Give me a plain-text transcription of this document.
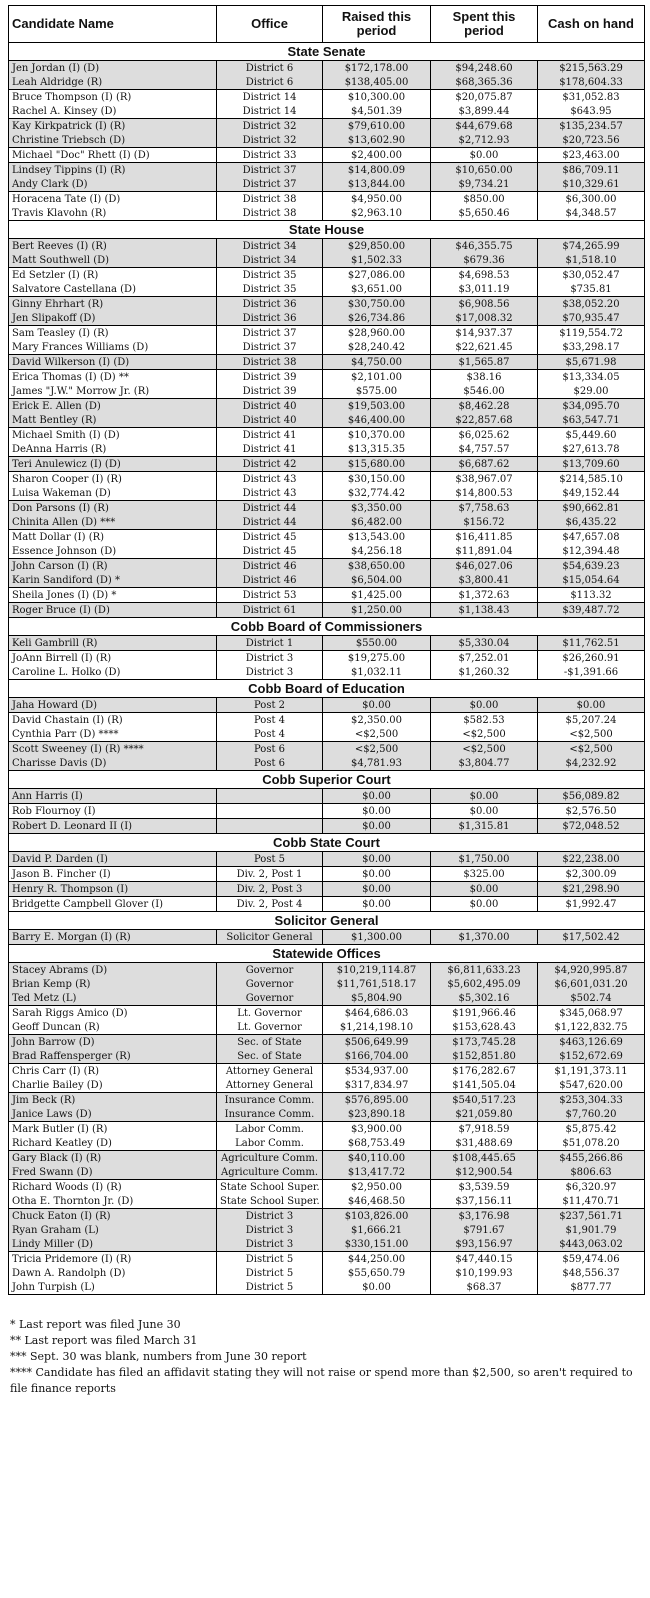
Candidate Name	Office	Raised this period	Spent this period	Cash on hand
State Senate				
Jen Jordan (I) (D)	District 6	$172,178.00	$94,248.60	$215,563.29
Leah Aldridge (R)	District 6	$138,405.00	$68,365.36	$178,604.33
Bruce Thompson (I) (R)	District 14	$10,300.00	$20,075.87	$31,052.83
Rachel A. Kinsey (D)	District 14	$4,501.39	$3,899.44	$643.95
Kay Kirkpatrick (I) (R)	District 32	$79,610.00	$44,679.68	$135,234.57
Christine Triebsch (D)	District 32	$13,602.90	$2,712.93	$20,723.56
Michael "Doc" Rhett (I) (D)	District 33	$2,400.00	$0.00	$23,463.00
Lindsey Tippins (I) (R)	District 37	$14,800.09	$10,650.00	$86,709.11
Andy Clark (D)	District 37	$13,844.00	$9,734.21	$10,329.61
Horacena Tate (I) (D)	District 38	$4,950.00	$850.00	$6,300.00
Travis Klavohn (R)	District 38	$2,963.10	$5,650.46	$4,348.57
State House				
Bert Reeves (I) (R)	District 34	$29,850.00	$46,355.75	$74,265.99
Matt Southwell (D)	District 34	$1,502.33	$679.36	$1,518.10
Ed Setzler (I) (R)	District 35	$27,086.00	$4,698.53	$30,052.47
Salvatore Castellana (D)	District 35	$3,651.00	$3,011.19	$735.81
Ginny Ehrhart (R)	District 36	$30,750.00	$6,908.56	$38,052.20
Jen Slipakoff (D)	District 36	$26,734.86	$17,008.32	$70,935.47
Sam Teasley (I) (R)	District 37	$28,960.00	$14,937.37	$119,554.72
Mary Frances Williams (D)	District 37	$28,240.42	$22,621.45	$33,298.17
David Wilkerson (I) (D)	District 38	$4,750.00	$1,565.87	$5,671.98
Erica Thomas (I) (D) **	District 39	$2,101.00	$38.16	$13,334.05
James "J.W." Morrow Jr. (R)	District 39	$575.00	$546.00	$29.00
Erick E. Allen (D)	District 40	$19,503.00	$8,462.28	$34,095.70
Matt Bentley (R)	District 40	$46,400.00	$22,857.68	$63,547.71
Michael Smith (I) (D)	District 41	$10,370.00	$6,025.62	$5,449.60
DeAnna Harris (R)	District 41	$13,315.35	$4,757.57	$27,613.78
Teri Anulewicz (I) (D)	District 42	$15,680.00	$6,687.62	$13,709.60
Sharon Cooper (I) (R)	District 43	$30,150.00	$38,967.07	$214,585.10
Luisa Wakeman (D)	District 43	$32,774.42	$14,800.53	$49,152.44
Don Parsons (I) (R)	District 44	$3,350.00	$7,758.63	$90,662.81
Chinita Allen (D) ***	District 44	$6,482.00	$156.72	$6,435.22
Matt Dollar (I) (R)	District 45	$13,543.00	$16,411.85	$47,657.08
Essence Johnson (D)	District 45	$4,256.18	$11,891.04	$12,394.48
John Carson (I) (R)	District 46	$38,650.00	$46,027.06	$54,639.23
Karin Sandiford (D) *	District 46	$6,504.00	$3,800.41	$15,054.64
Sheila Jones (I) (D) *	District 53	$1,425.00	$1,372.63	$113.32
Roger Bruce (I) (D)	District 61	$1,250.00	$1,138.43	$39,487.72
Cobb Board of Commissioners				
Keli Gambrill (R)	District 1	$550.00	$5,330.04	$11,762.51
JoAnn Birrell (I) (R)	District 3	$19,275.00	$7,252.01	$26,260.91
Caroline L. Holko (D)	District 3	$1,032.11	$1,260.32	-$1,391.66
Cobb Board of Education				
Jaha Howard (D)	Post 2	$0.00	$0.00	$0.00
David Chastain (I) (R)	Post 4	$2,350.00	$582.53	$5,207.24
Cynthia Parr (D) ****	Post 4	<$2,500	<$2,500	<$2,500
Scott Sweeney (I) (R) ****	Post 6	<$2,500	<$2,500	<$2,500
Charisse Davis (D)	Post 6	$4,781.93	$3,804.77	$4,232.92
Cobb Superior Court				
Ann Harris (I)		$0.00	$0.00	$56,089.82
Rob Flournoy (I)		$0.00	$0.00	$2,576.50
Robert D. Leonard II (I)		$0.00	$1,315.81	$72,048.52
Cobb State Court				
David P. Darden (I)	Post 5	$0.00	$1,750.00	$22,238.00
Jason B. Fincher (I)	Div. 2, Post 1	$0.00	$325.00	$2,300.09
Henry R. Thompson (I)	Div. 2, Post 3	$0.00	$0.00	$21,298.90
Bridgette Campbell Glover (I)	Div. 2, Post 4	$0.00	$0.00	$1,992.47
Solicitor General				
Barry E. Morgan (I) (R)	Solicitor General	$1,300.00	$1,370.00	$17,502.42
Statewide Offices				
Stacey Abrams (D)	Governor	$10,219,114.87	$6,811,633.23	$4,920,995.87
Brian Kemp (R)	Governor	$11,761,518.17	$5,602,495.09	$6,601,031.20
Ted Metz (L)	Governor	$5,804.90	$5,302.16	$502.74
Sarah Riggs Amico (D)	Lt. Governor	$464,686.03	$191,966.46	$345,068.97
Geoff Duncan (R)	Lt. Governor	$1,214,198.10	$153,628.43	$1,122,832.75
John Barrow (D)	Sec. of State	$506,649.99	$173,745.28	$463,126.69
Brad Raffensperger (R)	Sec. of State	$166,704.00	$152,851.80	$152,672.69
Chris Carr (I) (R)	Attorney General	$534,937.00	$176,282.67	$1,191,373.11
Charlie Bailey (D)	Attorney General	$317,834.97	$141,505.04	$547,620.00
Jim Beck (R)	Insurance Comm.	$576,895.00	$540,517.23	$253,304.33
Janice Laws (D)	Insurance Comm.	$23,890.18	$21,059.80	$7,760.20
Mark Butler (I) (R)	Labor Comm.	$3,900.00	$7,918.59	$5,875.42
Richard Keatley (D)	Labor Comm.	$68,753.49	$31,488.69	$51,078.20
Gary Black (I) (R)	Agriculture Comm.	$40,110.00	$108,445.65	$455,266.86
Fred Swann (D)	Agriculture Comm.	$13,417.72	$12,900.54	$806.63
Richard Woods (I) (R)	State School Super.	$2,950.00	$3,539.59	$6,320.97
Otha E. Thornton Jr. (D)	State School Super.	$46,468.50	$37,156.11	$11,470.71
Chuck Eaton (I) (R)	District 3	$103,826.00	$3,176.98	$237,561.71
Ryan Graham (L)	District 3	$1,666.21	$791.67	$1,901.79
Lindy Miller (D)	District 3	$330,151.00	$93,156.97	$443,063.02
Tricia Pridemore (I) (R)	District 5	$44,250.00	$47,440.15	$59,474.06
Dawn A. Randolph (D)	District 5	$55,650.79	$10,199.93	$48,556.37
John Turpish (L)	District 5	$0.00	$68.37	$877.77
* Last report was filed June 30
** Last report was filed March 31
*** Sept. 30 was blank, numbers from June 30 report
**** Candidate has filed an affidavit stating they will not raise or spend more than $2,500, so aren't required to file finance reports
